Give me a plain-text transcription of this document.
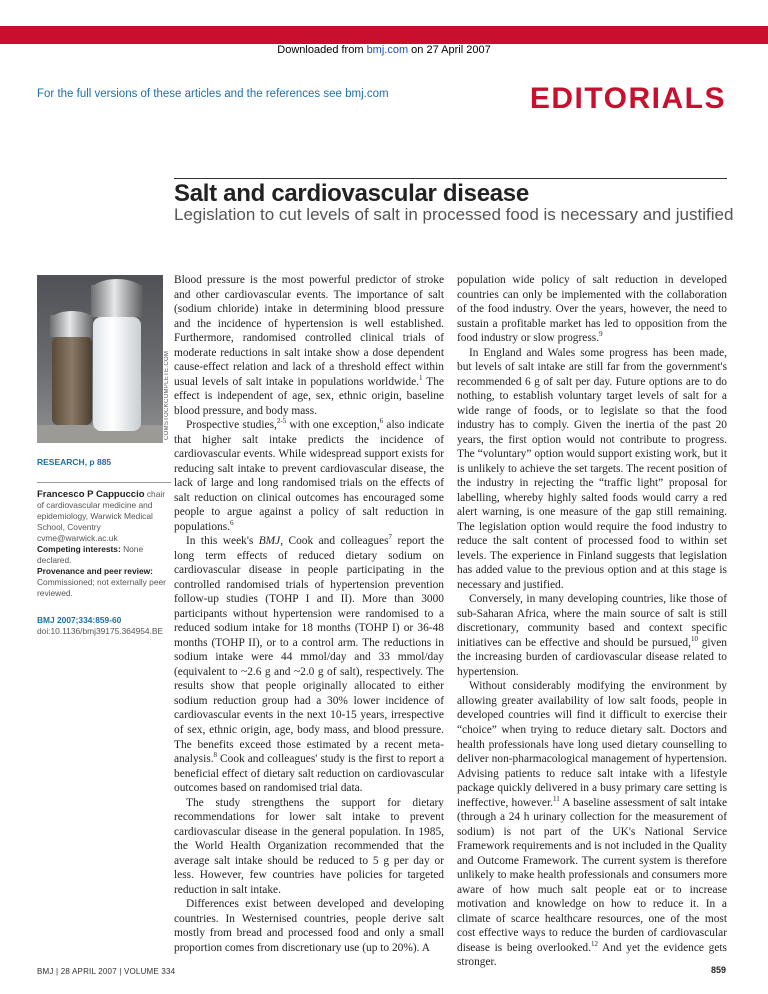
Downloaded from bmj.com on 27 April 2007
For the full versions of these articles and the references see bmj.com	EDITORIALS
Salt and cardiovascular disease
Legislation to cut levels of salt in processed food is necessary and justified
COMSTOCKCOMPLETE.COM
RESEARCH, p 885
Francesco P Cappuccio chair of cardiovascular medicine and epidemiology, Warwick Medical School, Coventry
cvme@warwick.ac.uk
Competing interests: None declared.
Provenance and peer review:
Commissioned; not externally peer reviewed.
BMJ 2007;334:859-60
doi:10.1136/bmj39175.364954.BE

Blood pressure is the most powerful predictor of stroke and other cardiovascular events. The importance of salt (sodium chloride) intake in determining blood pressure and the incidence of hypertension is well established. Furthermore, randomised controlled clinical trials of moderate reductions in salt intake show a dose dependent cause-effect relation and lack of a threshold effect within usual levels of salt intake in populations worldwide.$^1$ The effect is independent of age, sex, ethnic origin, baseline blood pressure, and body mass.

Prospective studies,$^{2-5}$ with one exception,$^6$ also indicate that higher salt intake predicts the incidence of cardiovascular events. While widespread support exists for reducing salt intake to prevent cardiovascular disease, the lack of large and long randomised trials on the effects of salt reduction on clinical outcomes has encouraged some people to argue against a policy of salt reduction in populations.$^6$

In this week's BMJ, Cook and colleagues$^7$ report the long term effects of reduced dietary sodium on cardiovascular disease in people participating in the controlled randomised trials of hypertension prevention follow-up studies (TOHP I and II). More than 3000 participants without hypertension were randomised to a reduced sodium intake for 18 months (TOHP I) or 36-48 months (TOHP II), or to a control arm. The reductions in sodium intake were 44 mmol/day and 33 mmol/day (equivalent to ~2.6 g and ~2.0 g of salt), respectively. The results show that people originally allocated to either sodium reduction group had a 30% lower incidence of cardiovascular events in the next 10-15 years, irrespective of sex, ethnic origin, age, body mass, and blood pressure. The benefits exceed those estimated by a recent meta-analysis.$^8$ Cook and colleagues' study is the first to report a beneficial effect of dietary salt reduction on cardiovascular outcomes based on randomised trial data.

The study strengthens the support for dietary recommendations for lower salt intake to prevent cardiovascular disease in the general population. In 1985, the World Health Organization recommended that the average salt intake should be reduced to 5 g per day or less. However, few countries have policies for targeted reduction in salt intake.

Differences exist between developed and developing countries. In Westernised countries, people derive salt mostly from bread and processed food and only a small proportion comes from discretionary use (up to 20%). A

population wide policy of salt reduction in developed countries can only be implemented with the collaboration of the food industry. Over the years, however, the need to sustain a profitable market has led to opposition from the food industry or slow progress.$^9$

In England and Wales some progress has been made, but levels of salt intake are still far from the government's recommended 6 g of salt per day. Future options are to do nothing, to establish voluntary target levels of salt for a wide range of foods, or to legislate so that the food industry has to comply. Given the inertia of the past 20 years, the first option would not contribute to progress. The “voluntary” option would support existing work, but it is unlikely to achieve the set targets. The recent position of the industry in rejecting the “traffic light” proposal for labelling, whereby highly salted foods would carry a red alert warning, is one measure of the gap still remaining. The legislation option would require the food industry to reduce the salt content of processed food to within set levels. The experience in Finland suggests that legislation has added value to the previous option and at this stage is necessary and justified.

Conversely, in many developing countries, like those of sub-Saharan Africa, where the main source of salt is still discretionary, community based and context specific initiatives can be effective and should be pursued,$^{10}$ given the increasing burden of cardiovascular disease related to hypertension.

Without considerably modifying the environment by allowing greater availability of low salt foods, people in developed countries will find it difficult to exercise their “choice” when trying to reduce dietary salt. Doctors and health professionals have long used dietary counselling to deliver non-pharmacological management of hypertension. Advising patients to reduce salt intake with a lifestyle package quickly delivered in a busy primary care setting is ineffective, however.$^{11}$ A baseline assessment of salt intake (through a 24 h urinary collection for the measurement of sodium) is not part of the UK's National Service Framework requirements and is not included in the Quality and Outcome Framework. The current system is therefore unlikely to make health professionals and consumers more aware of how much salt people eat or to increase motivation and knowledge on how to reduce it. In a climate of scarce healthcare resources, one of the most cost effective ways to reduce the burden of cardiovascular disease is being overlooked.$^{12}$ And yet the evidence gets stronger.

BMJ | 28 APRIL 2007 | VOLUME 334	859
